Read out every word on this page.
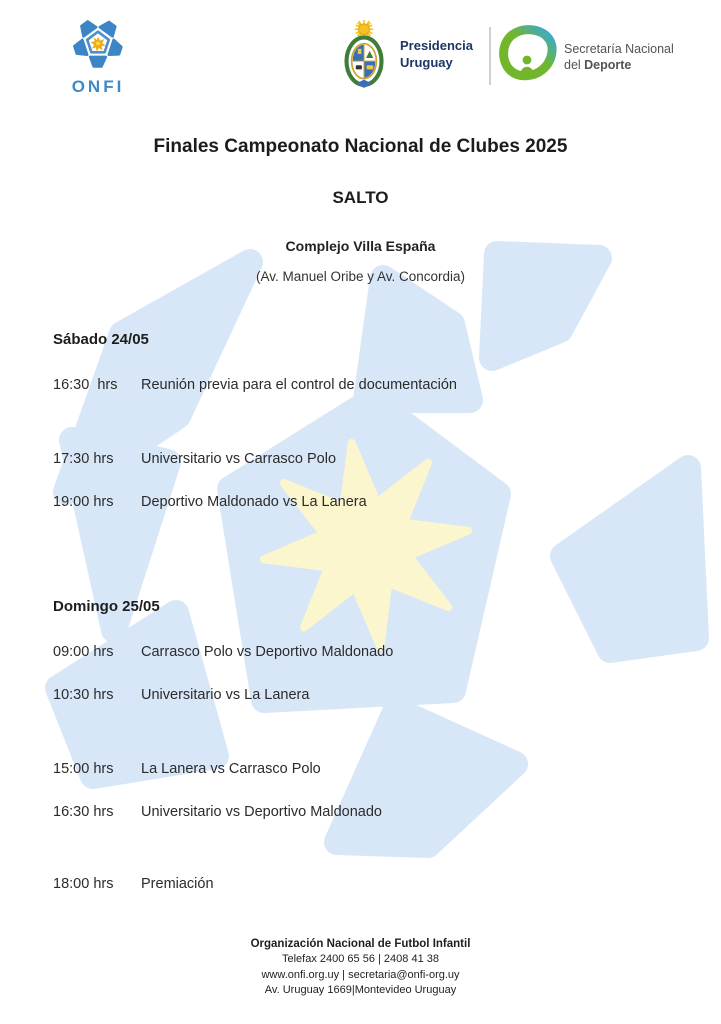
ONFI
Presidencia
Uruguay
Secretaría Nacional
del Deporte
Finales Campeonato Nacional de Clubes 2025
SALTO
Complejo Villa España
(Av. Manuel Oribe y Av. Concordia)
Sábado 24/05
16:30  hrs	Reunión previa para el control de documentación
17:30 hrs	Universitario vs Carrasco Polo
19:00 hrs	Deportivo Maldonado vs La Lanera
Domingo 25/05
09:00 hrs	Carrasco Polo vs Deportivo Maldonado
10:30 hrs	Universitario vs La Lanera
15:00 hrs	La Lanera vs Carrasco Polo
16:30 hrs	Universitario vs Deportivo Maldonado
18:00 hrs	Premiación
Organización Nacional de Futbol Infantil
Telefax 2400 65 56 | 2408 41 38
www.onfi.org.uy | secretaria@onfi-org.uy
Av. Uruguay 1669|Montevideo Uruguay
